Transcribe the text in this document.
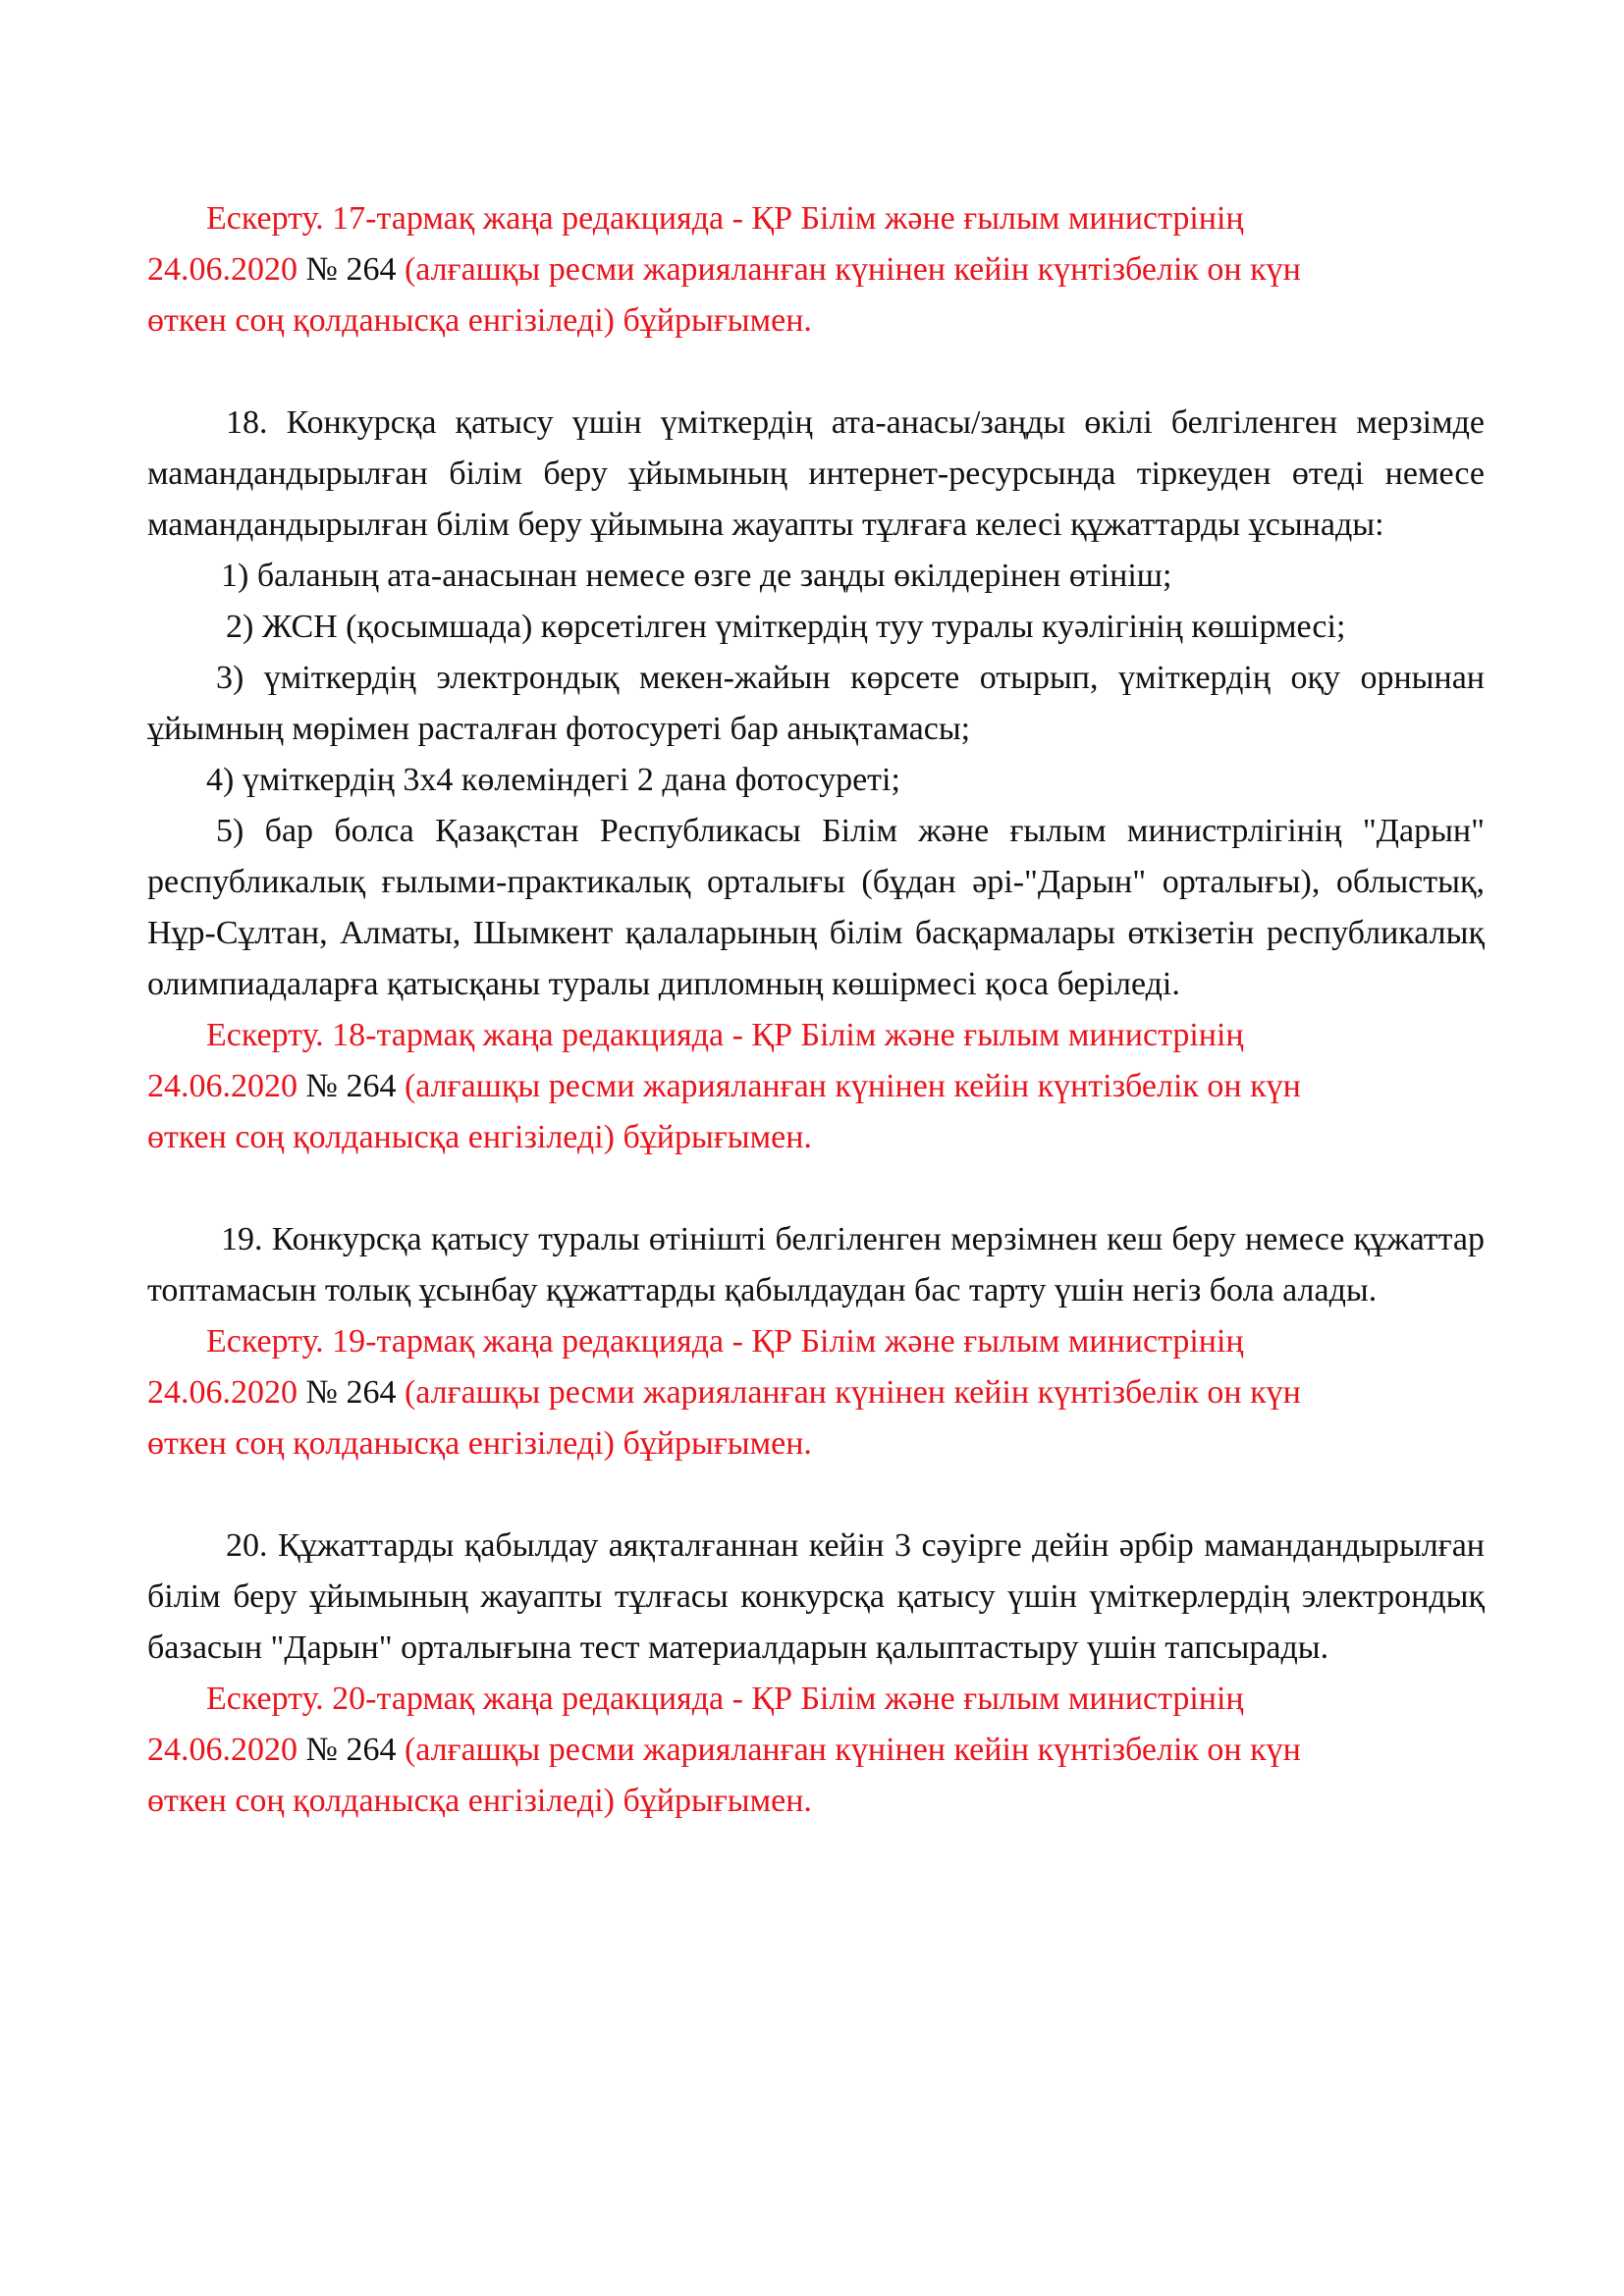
Ескерту. 17-тармақ жаңа редакцияда - ҚР Білім және ғылым министрінің
24.06.2020 № 264 (алғашқы ресми жарияланған күнінен кейін күнтізбелік он күн
өткен соң қолданысқа енгізіледі) бұйрығымен.

18. Конкурсқа қатысу үшін үміткердің ата-анасы/заңды өкілі белгіленген мерзімде мамандандырылған білім беру ұйымының интернет-ресурсында тіркеуден өтеді немесе мамандандырылған білім беру ұйымына жауапты тұлғаға келесі құжаттарды ұсынады:

1) баланың ата-анасынан немесе өзге де заңды өкілдерінен өтініш;

2) ЖСН (қосымшада) көрсетілген үміткердің туу туралы куәлігінің көшірмесі;

3) үміткердің электрондық мекен-жайын көрсете отырып, үміткердің оқу орнынан ұйымның мөрімен расталған фотосуреті бар анықтамасы;

4) үміткердің 3х4 көлеміндегі 2 дана фотосуреті;

5) бар болса Қазақстан Республикасы Білім және ғылым министрлігінің "Дарын" республикалық ғылыми-практикалық орталығы (бұдан әрі-"Дарын" орталығы), облыстық, Нұр-Сұлтан, Алматы, Шымкент қалаларының білім басқармалары өткізетін республикалық олимпиадаларға қатысқаны туралы дипломның көшірмесі қоса беріледі.

Ескерту. 18-тармақ жаңа редакцияда - ҚР Білім және ғылым министрінің
24.06.2020 № 264 (алғашқы ресми жарияланған күнінен кейін күнтізбелік он күн
өткен соң қолданысқа енгізіледі) бұйрығымен.

19. Конкурсқа қатысу туралы өтінішті белгіленген мерзімнен кеш беру немесе құжаттар топтамасын толық ұсынбау құжаттарды қабылдаудан бас тарту үшін негіз бола алады.

Ескерту. 19-тармақ жаңа редакцияда - ҚР Білім және ғылым министрінің
24.06.2020 № 264 (алғашқы ресми жарияланған күнінен кейін күнтізбелік он күн
өткен соң қолданысқа енгізіледі) бұйрығымен.

20. Құжаттарды қабылдау аяқталғаннан кейін 3 сәуірге дейін әрбір мамандандырылған білім беру ұйымының жауапты тұлғасы конкурсқа қатысу үшін үміткерлердің электрондық базасын "Дарын" орталығына тест материалдарын қалыптастыру үшін тапсырады.

Ескерту. 20-тармақ жаңа редакцияда - ҚР Білім және ғылым министрінің
24.06.2020 № 264 (алғашқы ресми жарияланған күнінен кейін күнтізбелік он күн
өткен соң қолданысқа енгізіледі) бұйрығымен.
